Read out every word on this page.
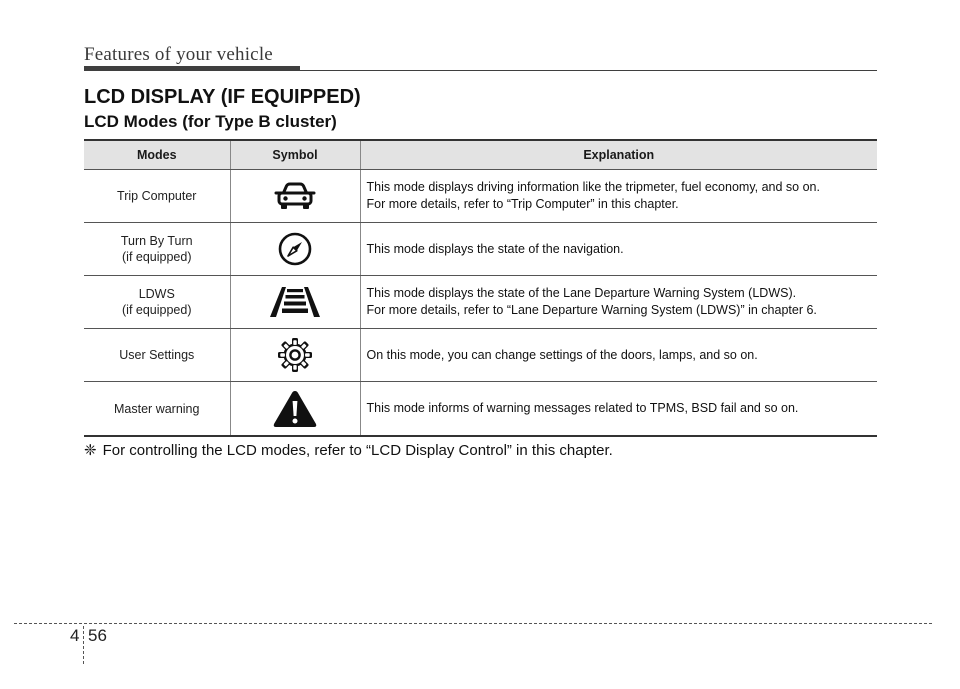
Features of your vehicle
LCD DISPLAY (IF EQUIPPED)
LCD Modes (for Type B cluster)
Modes	Symbol	Explanation

Trip Computer		This mode displays driving information like the tripmeter, fuel economy, and so on.
For more details, refer to “Trip Computer” in this chapter.

Turn By Turn
(if equipped)		This mode displays the state of the navigation.

LDWS
(if equipped)		This mode displays the state of the Lane Departure Warning System (LDWS).
For more details, refer to “Lane Departure Warning System (LDWS)” in chapter 6.

User Settings		On this mode, you can change settings of the doors, lamps, and so on.

Master warning		This mode informs of warning messages related to TPMS, BSD fail and so on.
❈ For controlling the LCD modes, refer to “LCD Display Control” in this chapter.
4 56
